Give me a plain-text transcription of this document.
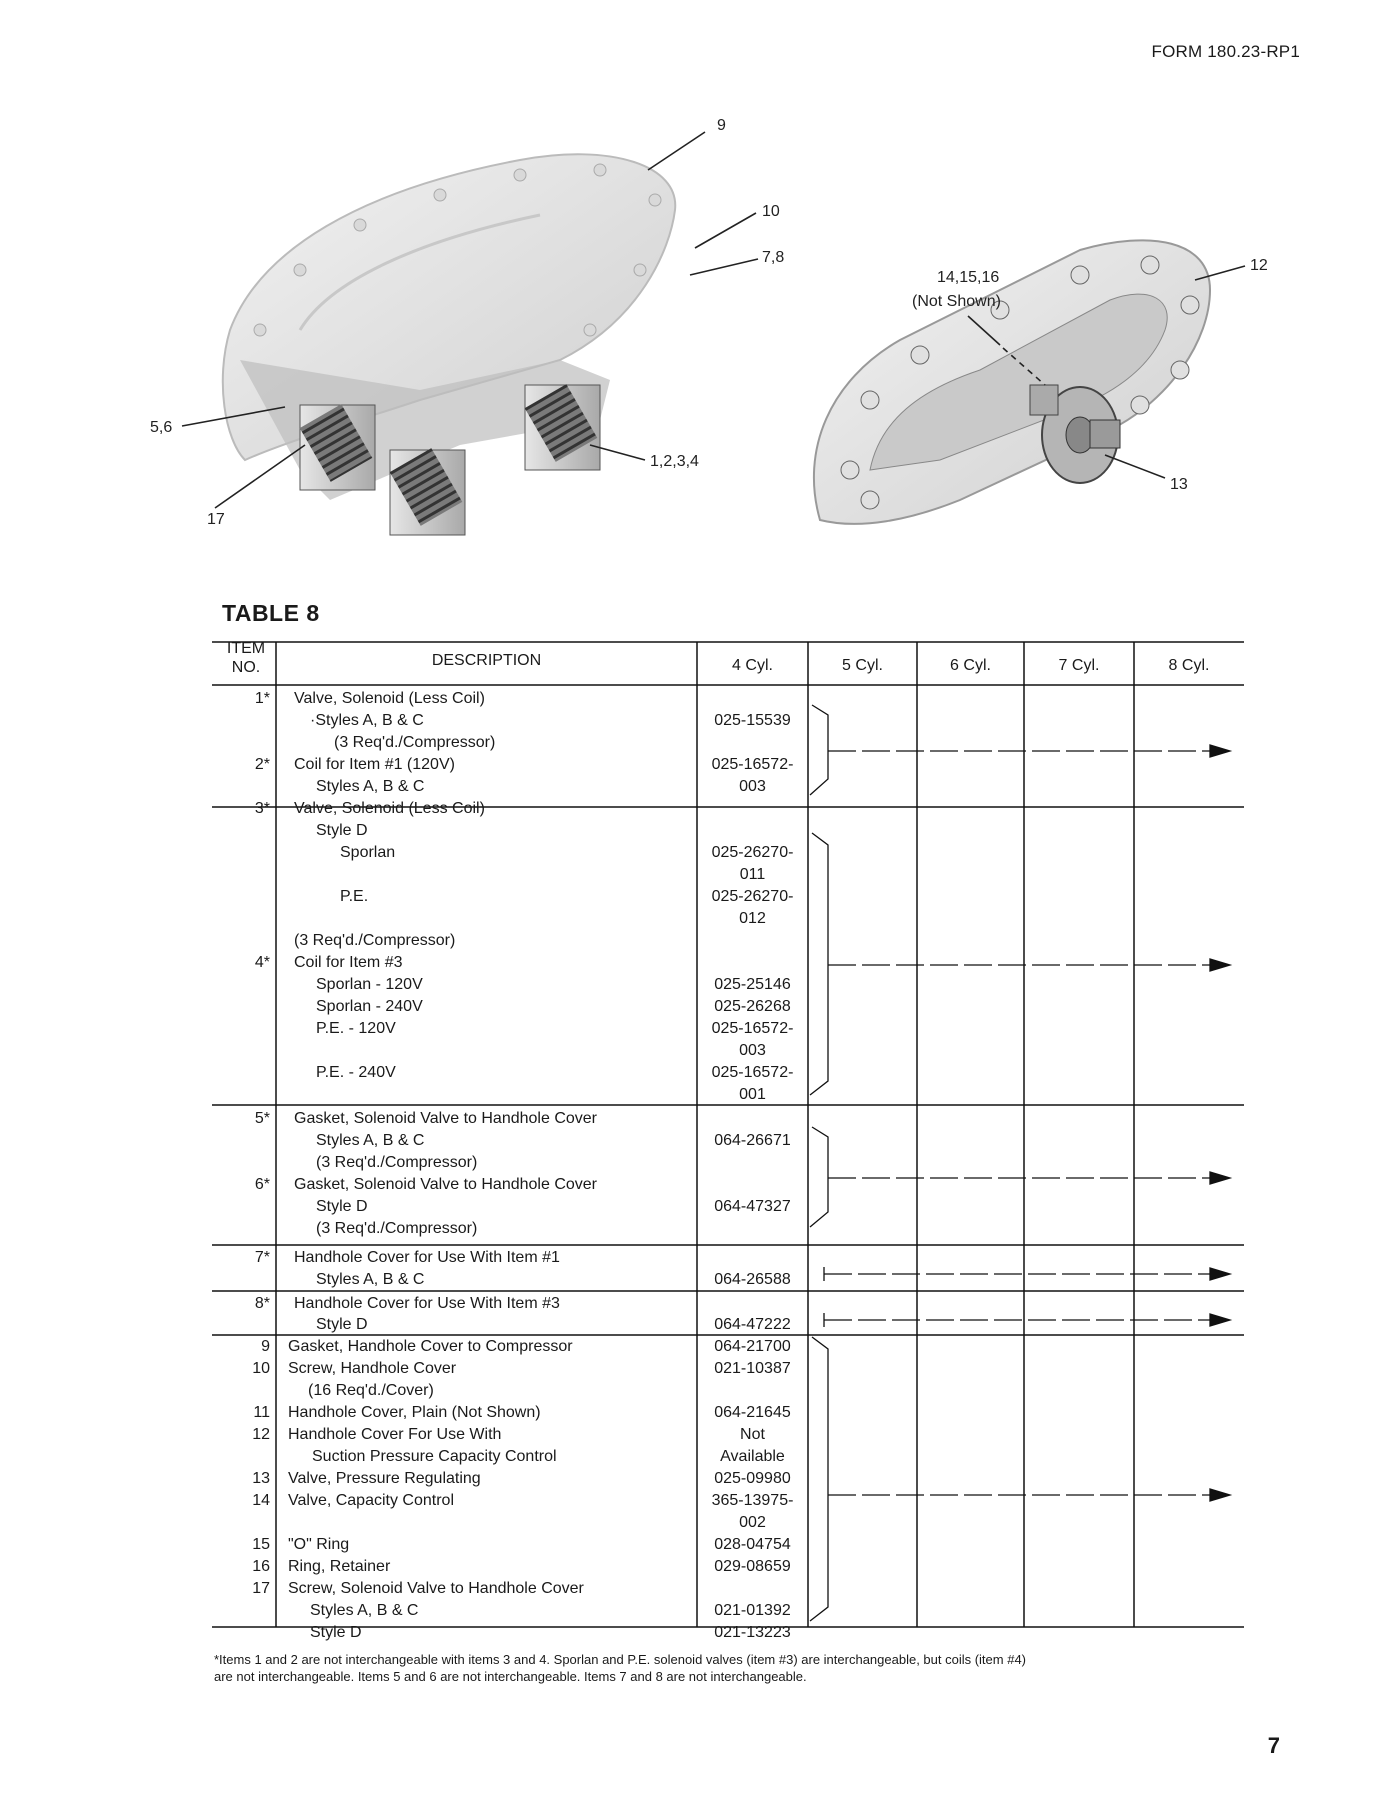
FORM 180.23-RP1
9
10
7,8
5,6
17
1,2,3,4
14,15,16
(Not Shown)
12
13
TABLE 8
ITEM
NO.	DESCRIPTION	4 Cyl.	5 Cyl.	6 Cyl.	7 Cyl.	8 Cyl.
1* Valve, Solenoid (Less Coil)
·Styles A, B & C	025-15539
(3 Req'd./Compressor)
2* Coil for Item #1 (120V)	025-16572-
Styles A, B & C	003
3* Valve, Solenoid (Less Coil)
Style D
Sporlan	025-26270-
011
P.E.	025-26270-
012
(3 Req'd./Compressor)
4* Coil for Item #3
Sporlan - 120V	025-25146
Sporlan - 240V	025-26268
P.E. - 120V	025-16572-
003
P.E. - 240V	025-16572-
001
5* Gasket, Solenoid Valve to Handhole Cover
Styles A, B & C	064-26671
(3 Req'd./Compressor)
6* Gasket, Solenoid Valve to Handhole Cover
Style D	064-47327
(3 Req'd./Compressor)
7* Handhole Cover for Use With Item #1
Styles A, B & C	064-26588
8* Handhole Cover for Use With Item #3
Style D	064-47222
9 Gasket, Handhole Cover to Compressor	064-21700
10 Screw, Handhole Cover	021-10387
(16 Req'd./Cover)
11 Handhole Cover, Plain (Not Shown)	064-21645
12 Handhole Cover For Use With	Not
Suction Pressure Capacity Control	Available
13 Valve, Pressure Regulating	025-09980
14 Valve, Capacity Control	365-13975-
002
15 "O" Ring	028-04754
16 Ring, Retainer	029-08659
17 Screw, Solenoid Valve to Handhole Cover
Styles A, B & C	021-01392
Style D	021-13223
*Items 1 and 2 are not interchangeable with items 3 and 4. Sporlan and P.E. solenoid valves (item #3) are interchangeable, but coils (item #4)
are not interchangeable. Items 5 and 6 are not interchangeable. Items 7 and 8 are not interchangeable.
7
